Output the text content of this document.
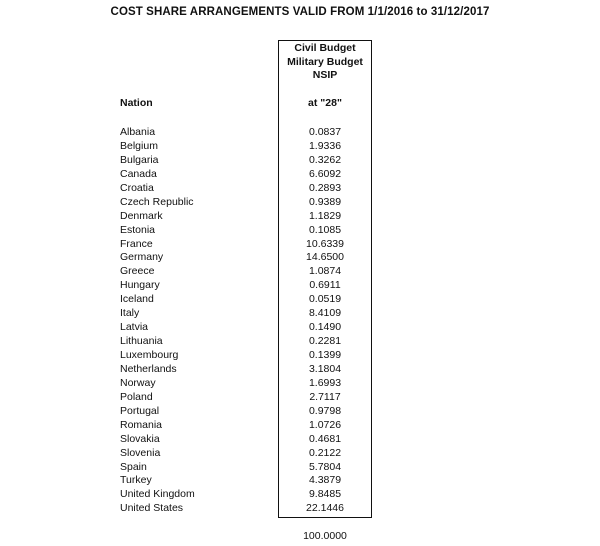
COST SHARE ARRANGEMENTS VALID FROM 1/1/2016 to 31/12/2017
Civil Budget
Military Budget
NSIP
Nation	at "28"
Albania	0.0837
Belgium	1.9336
Bulgaria	0.3262
Canada	6.6092
Croatia	0.2893
Czech Republic	0.9389
Denmark	1.1829
Estonia	0.1085
France	10.6339
Germany	14.6500
Greece	1.0874
Hungary	0.6911
Iceland	0.0519
Italy	8.4109
Latvia	0.1490
Lithuania	0.2281
Luxembourg	0.1399
Netherlands	3.1804
Norway	1.6993
Poland	2.7117
Portugal	0.9798
Romania	1.0726
Slovakia	0.4681
Slovenia	0.2122
Spain	5.7804
Turkey	4.3879
United Kingdom	9.8485
United States	22.1446
100.0000
